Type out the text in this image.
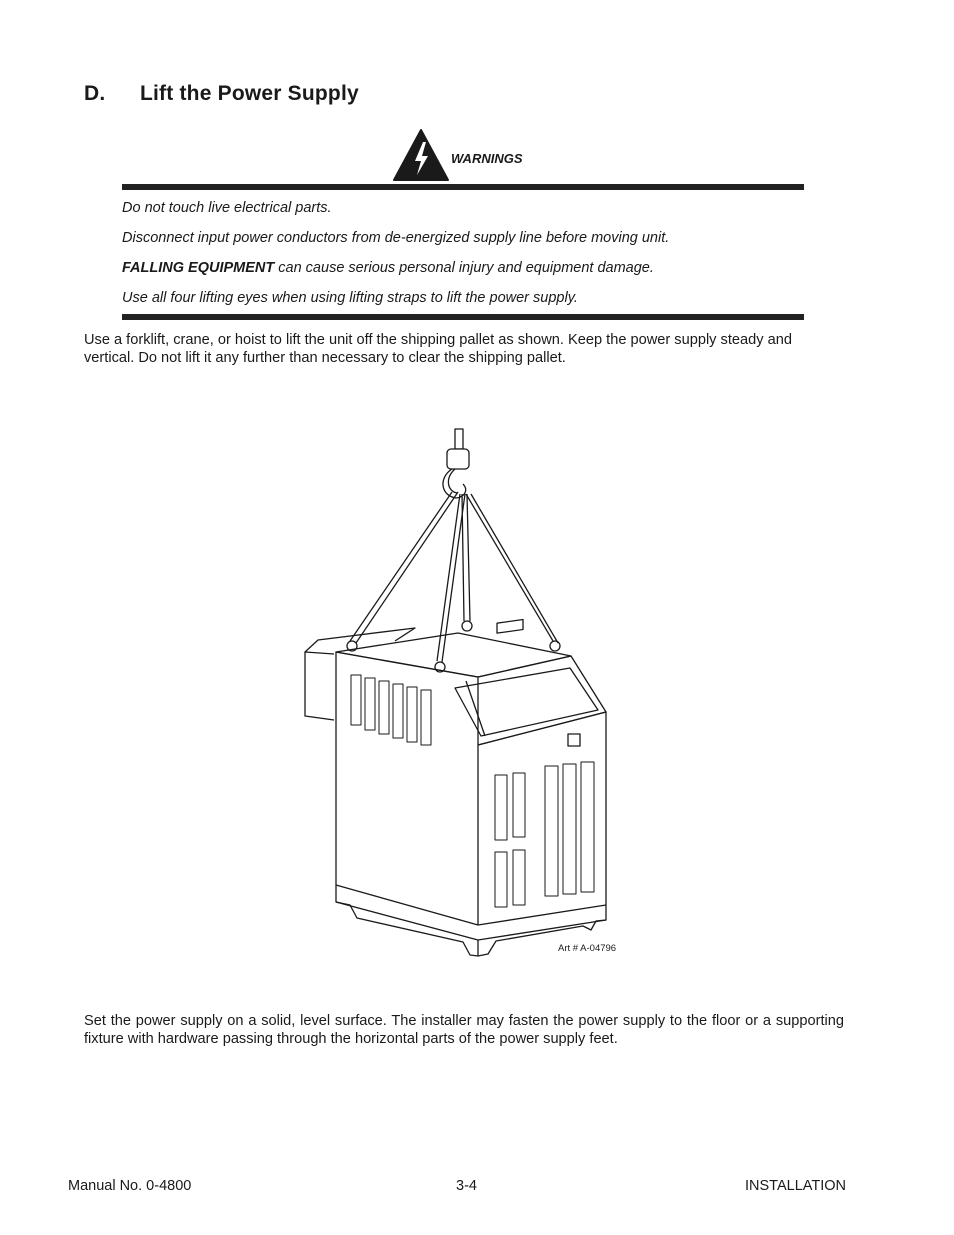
D. Lift the Power Supply
WARNINGS
Do not touch live electrical parts.
Disconnect input power conductors from de-energized supply line before moving unit.
FALLING EQUIPMENT can cause serious personal injury and equipment damage.
Use all four lifting eyes when using lifting straps to lift the power supply.
Use a forklift, crane, or hoist to lift the unit off the shipping pallet as shown. Keep the power supply steady and vertical. Do not lift it any further than necessary to clear the shipping pallet.
Art # A-04796
Set the power supply on a solid, level surface. The installer may fasten the power supply to the floor or a supporting fixture with hardware passing through the horizontal parts of the power supply feet.
Manual No. 0-4800	3-4	INSTALLATION
